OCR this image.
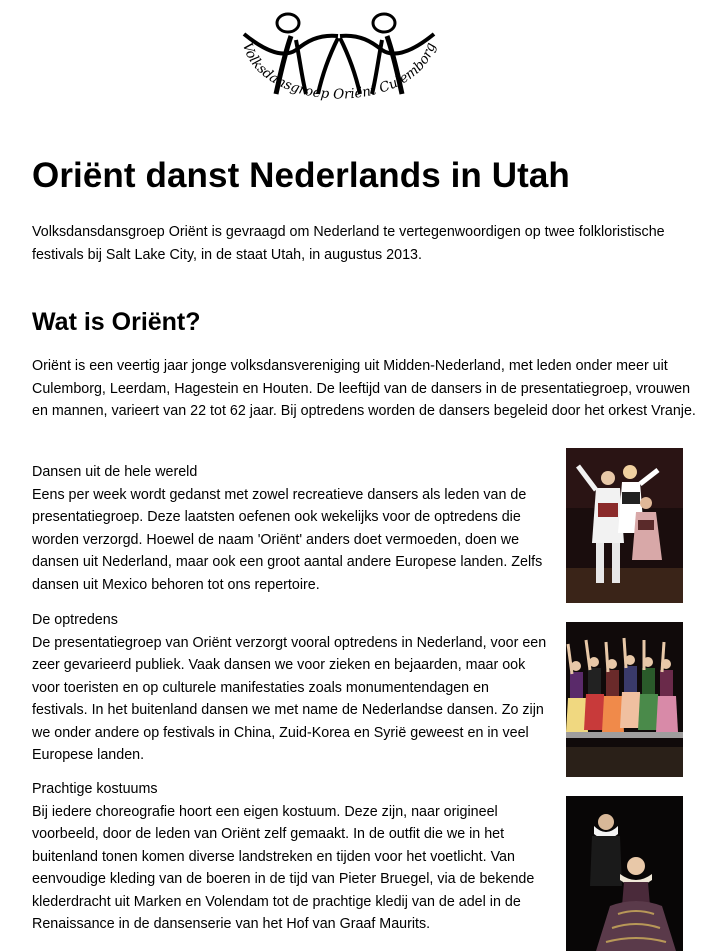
Volksdansgroep Oriënt Culemborg
Oriënt danst Nederlands in Utah

Volksdansdansgroep Oriënt is gevraagd om Nederland te vertegenwoordigen op twee folkloristische festivals bij Salt Lake City, in de staat Utah, in augustus 2013.

Wat is Oriënt?

Oriënt is een veertig jaar jonge volksdansvereniging uit Midden-Nederland, met leden onder meer uit Culemborg, Leerdam, Hagestein en Houten. De leeftijd van de dansers in de presentatiegroep, vrouwen en mannen, varieert van 22 tot 62 jaar. Bij optredens worden de dansers begeleid door het orkest Vranje.

Dansen uit de hele wereld

Eens per week wordt gedanst met zowel recreatieve dansers als leden van de presentatiegroep. Deze laatsten oefenen ook wekelijks voor de optredens die worden verzorgd. Hoewel de naam 'Oriënt' anders doet vermoeden, doen we dansen uit Nederland, maar ook een groot aantal andere Europese landen. Zelfs dansen uit Mexico behoren tot ons repertoire.

De optredens

De presentatiegroep van Oriënt verzorgt vooral optredens in Nederland, voor een zeer gevarieerd publiek. Vaak dansen we voor zieken en bejaarden, maar ook voor toeristen en op culturele manifestaties zoals monumentendagen en festivals. In het buitenland dansen we met name de Nederlandse dansen. Zo zijn we onder andere op festivals in China, Zuid-Korea en Syrië geweest en in veel Europese landen.

Prachtige kostuums

Bij iedere choreografie hoort een eigen kostuum. Deze zijn, naar origineel voorbeeld, door de leden van Oriënt zelf gemaakt. In de outfit die we in het buitenland tonen komen diverse landstreken en tijden voor het voetlicht. Van eenvoudige kleding van de boeren in de tijd van Pieter Bruegel, via de bekende klederdracht uit Marken en Volendam tot de prachtige kledij van de adel in de Renaissance in de dansenserie van het Hof van Graaf Maurits.
